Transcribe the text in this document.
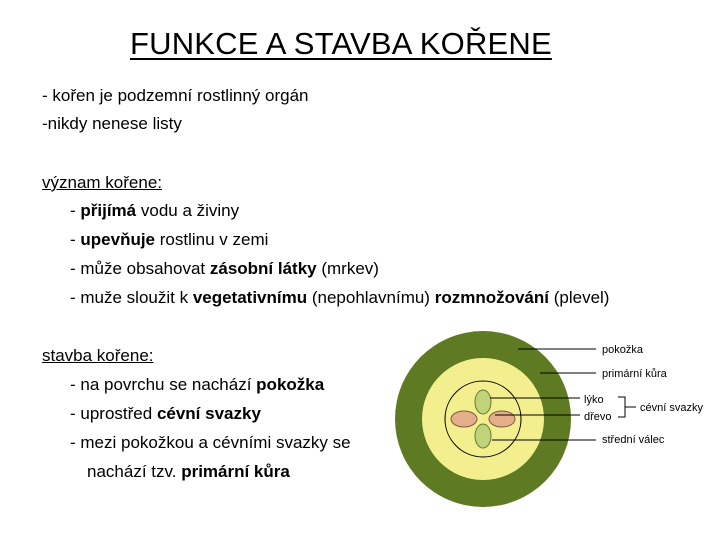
FUNKCE A STAVBA KOŘENE
- kořen je podzemní rostlinný orgán
-nikdy nenese listy
význam kořene:
- přijímá vodu a živiny
- upevňuje rostlinu v zemi
- může obsahovat zásobní látky (mrkev)
- muže sloužit k vegetativnímu (nepohlavnímu) rozmnožování (plevel)
stavba kořene:
- na povrchu se nachází pokožka
- uprostřed cévní svazky
- mezi pokožkou a cévními svazky se
nachází tzv. primární kůra
pokožka
primární kůra
lýko
dřevo
cévní svazky
střední válec
